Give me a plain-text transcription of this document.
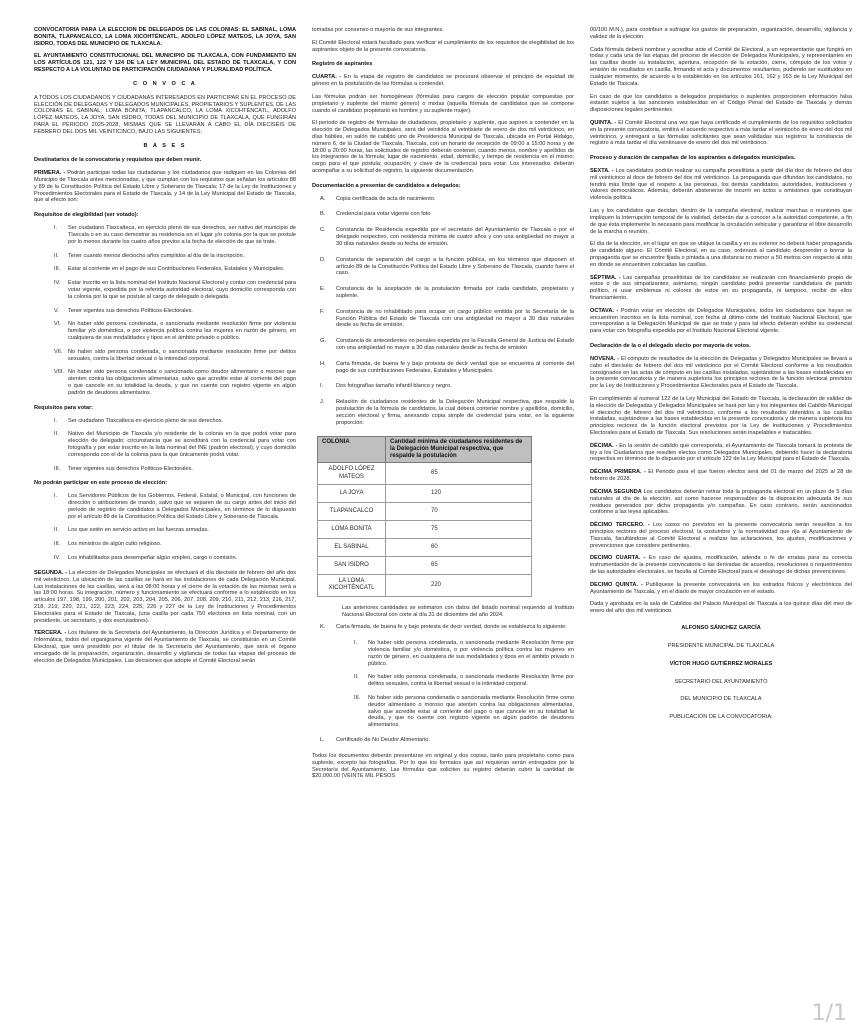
CONVOCATORIA PARA LA ELECCIÓN DE DELEGADOS DE LAS COLONIAS: EL SABINAL, LOMA BONITA, TLAPANCALCO, LA LOMA XICOHTÉNCATL, ADOLFO LÓPEZ MATEOS, LA JOYA, SAN ISIDRO, TODAS DEL MUNICIPIO DE TLAXCALA.

EL AYUNTAMIENTO CONSTITUCIONAL DEL MUNICIPIO DE TLAXCALA, CON FUNDAMENTO EN LOS ARTÍCULOS 121, 122 Y 124 DE LA LEY MUNICIPAL DEL ESTADO DE TLAXCALA, Y CON RESPECTO A LA VOLUNTAD DE PARTICIPACIÓN CIUDADANA Y PLURALIDAD POLÍTICA.

C O N V O C A

A TODOS LOS CIUDADANOS Y CIUDADANAS INTERESADOS EN PARTICIPAR EN EL PROCESO DE ELECCIÓN DE DELEGADAS Y DELEGADOS MUNICIPALES, PROPIETARIOS Y SUPLENTES, DE LAS COLONIAS EL SABINAL, LOMA BONITA, TLAPANCALCO, LA LOMA XICOHTÉNCATL, ADOLFO LÓPEZ MATEOS, LA JOYA, SAN ISIDRO, TODAS DEL MUNICIPIO DE TLAXCALA, QUE FUNGIRÁN PARA EL PERIODO 2025-2028, MISMAS QUE SE LLEVARÁN A CABO EL DÍA DIECISÉIS DE FEBRERO DEL DOS MIL VEINTICINCO, BAJO LAS SIGUIENTES:

B A S E S
Destinatarios de la convocatoria y requisitos que deben reunir.

PRIMERA. - Podrán participar todas las ciudadanas y los ciudadanos que radiquen en las Colonias del Municipio de Tlaxcala antes mencionadas, y que cumplan con los requisitos que señalan los artículos 88 y 89 de la Constitución Política del Estado Libre y Soberano de Tlaxcala; 17 de la Ley de Instituciones y Procedimientos Electorales para el Estado de Tlaxcala, y 14 de la Ley Municipal del Estado de Tlaxcala, que al efecto son:

Requisitos de elegibilidad (ser votado):
I.	Ser ciudadano Tlaxcalteca, en ejercicio pleno de sus derechos, ser nativo del municipio de Tlaxcala o en su caso demostrar su residencia en el lugar y/o colonia por la que se postule por lo menos durante los cuatro años previos a la fecha de elección de que se trate.
II.	Tener cuando menos dieciocho años cumplidos al día de la inscripción.
III.	Estar al corriente en el pago de sus Contribuciones Federales, Estatales y Municipales.
IV.	Estar inscrito en la lista nominal del Instituto Nacional Electoral y contar con credencial para votar vigente, expedida por la referida autoridad electoral, cuyo domicilio corresponda con la colonia por la que se postule al cargo de delegado o delegada.
V.	Tener vigentes sus derechos Políticos-Electorales.
VI.	No haber sido persona condenada, o sancionada mediante resolución firme por violencia familiar y/o doméstica, o por violencia política contra las mujeres en razón de género, en cualquiera de sus modalidades y tipos en el ámbito privado o público.
VII. No haber sido persona condenada, o sancionada mediante resolución firme por delitos sexuales, contra la libertad sexual o la intimidad corporal.
VIII. No haber sido persona condenada o sancionada como deudor alimentario o moroso que atenten contra las obligaciones alimentarias, salvo que acredite estar al corriente del pago o que cancele en su totalidad la deuda, y que no cuente con registro vigente en algún padrón de deudores alimentarios.
Requisitos para votar:
I.	Ser ciudadano Tlaxcalteca en ejercicio pleno de sus derechos.
II.	Nativo del Municipio de Tlaxcala y/o residente de la colonia en la que podrá votar para elección de delegado; circunstancia que se acreditará con la credencial para votar con fotografía y por estar inscrito en la lista nominal del INE (padrón electoral), y cuyo domicilio corresponda con el de la colonia para la que únicamente podrá votar.
III.	Tener vigentes sus derechos Políticos-Electorales.
No podrán participar en este proceso de elección:
I.	Los Servidores Públicos de los Gobiernos, Federal, Estatal, o Municipal, con funciones de dirección o atribuciones de mando, salvo que se separen de su cargo antes del inicio del periodo de registro de candidatos a Delegados Municipales, en términos de lo dispuesto por el artículo 89 de la Constitución Política del Estado Libre y Soberano de Tlaxcala.
II.	Los que estén en servicio activo en las fuerzas armadas.
III.	Los ministros de algún culto religioso.
IV.	Los inhabilitados para desempeñar algún empleo, cargo o comisión.

SEGUNDA. - La elección de Delegados Municipales se efectuará el día dieciséis de febrero del año dos mil veinticinco. La ubicación de las casillas se hará en las instalaciones de cada Delegación Municipal. Las instalaciones de las casillas, será a las 08:00 horas y el cierre de la votación de las mismas será a las 18:00 horas. Su integración, número y funcionamiento se efectuará conforme a lo establecido en los artículos 197, 198, 199, 200, 201, 202, 203, 204, 205, 206, 207, 208, 209, 210, 211, 212, 213, 216, 217, 218, 219, 220, 221, 222, 223, 224, 225, 226 y 227 de la Ley de Instituciones y Procedimientos Electorales para el Estado de Tlaxcala, (una casilla por cada 750 electores en lista nominal, con un presidente, un secretario, y dos escrutadores).

TERCERA. - Los titulares de la Secretaría del Ayuntamiento, la Dirección Jurídica y el Departamento de Informática, todos del organigrama vigente del Ayuntamiento de Tlaxcala, se constituirán en un Comité Electoral, que será presidido por el titular de la Secretaría del Ayuntamiento, que será el órgano encargado de la preparación, organización, desarrollo y vigilancia de todas las etapas del proceso de elección de Delegados Municipales. Las decisiones que adopte el Comité Electoral serán

tomadas por consenso o mayoría de sus integrantes.

El Comité Electoral estará facultado para verificar el cumplimiento de los requisitos de elegibilidad de los aspirantes objeto de la presente convocatoria.

Registro de aspirantes

CUARTA. - En la etapa de registro de candidatos se procurará observar el principio de equidad de género en la postulación de las fórmulas a contender.

Las fórmulas podrán ser homogéneas (fórmulas para cargos de elección popular compuestas por propietario y suplente del mismo género) o mixtas (aquella fórmula de candidatos que se compone cuando el candidato propietario es hombre y su suplente mujer).

El periodo de registro de fórmulas de ciudadanos, propietario y suplente, que aspiren a contender en la elección de Delegados Municipales, será del veintidós al veintisiete de enero de dos mil veinticinco, en días hábiles, en salón de cabildo uno de Presidencia Municipal de Tlaxcala, ubicada en Portal Hidalgo, número 6, de la Ciudad de Tlaxcala, Tlaxcala, con un horario de recepción de 09:00 a 15:00 horas y de 18:00 a 20:00 horas, las solicitudes de registro deberán contener, cuando menos, nombre y apellidos de los integrantes de la fórmula; lugar de nacimiento, edad, domicilio, y tiempo de residencia en el mismo; cargo para el que postula; ocupación; y clave de la credencial para votar. Los interesados deberán acompañar a su solicitud de registro, la siguiente documentación.

Documentación a presentar de candidatos a delegados:
A.	Copia certificada de acta de nacimiento.
B.	Credencial para votar vigente con foto
C.	Constancia de Residencia expedida por el secretario del Ayuntamiento de Tlaxcala o por el delegado respectivo, con residencia mínima de cuatro años y con una antigüedad no mayor a 30 días naturales desde su fecha de emisión.
D.	Constancia de separación del cargo a la función pública, en los términos que disponen el artículo 89 de la Constitución Política del Estado Libre y Soberano de Tlaxcala, cuando fuere el caso.
E.	Constancia de la aceptación de la postulación firmada por cada candidato, propietario y suplente.
F.	Constancia de no inhabilitado para ocupar un cargo público emitida por la Secretaría de la Función Pública del Estado de Tlaxcala con una antigüedad no mayor a 30 días naturales desde su fecha de emisión.
G.	Constancia de antecedentes no penales expedida por la Fiscalía General de Justicia del Estado con una antigüedad no mayor a 30 días naturales desde su fecha de emisión
H.	Carta firmada, de buena fe y bajo protesta de decir verdad que se encuentra al corriente del pago de sus contribuciones Federales, Estatales y Municipales.
I.	Dos fotografías tamaño infantil blanco y negro.
J.	Relación de ciudadanos residentes de la Delegación Municipal respectiva, que respalde la postulación de la fórmula de candidatos, la cual deberá contener nombre y apellidos, domicilio, sección electoral y firma, anexando copia simple de credencial para votar, en la siguiente proporción:
COLONIA	Cantidad mínima de ciudadanos residentes de la Delegación Municipal respectiva, que respalde la postulación
ADOLFO LÓPEZ MATEOS	65
LA JOYA	120
TLAPANCALCO	70
LOMA BONITA	75
EL SABINAL	60
SAN ISIDRO	65
LA LOMA XICOHTÉNCATL	220

Las anteriores cantidades se estimaron con datos del listado nominal requerido al Instituto Nacional Electoral con corte al día 31 de diciembre del año 2024.

K.	Carta firmada, de buena fe y bajo protesta de decir verdad, donde se establezca lo siguiente:
I.	No haber sido persona condenada, o sancionada mediante Resolución firme por violencia familiar y/o doméstica, o por violencia política contra las mujeres en razón de género, en cualquiera de sus modalidades y tipos en el ámbito privado o público.
II.	No haber sido persona condenada, o sancionada mediante Resolución firme por delitos sexuales, contra la libertad sexual o la intimidad corporal.
III.	No haber sido persona condenada o sancionada mediante Resolución firme como deudor alimentario o moroso que atenten contra las obligaciones alimentarias, salvo que acredite estar al corriente del pago o que cancele en su totalidad la deuda, y que no cuente con registro vigente en algún padrón de deudores alimentarios.
L.	Certificado de No Deudor Alimentario.

Todos los documentos deberán presentarse en original y dos copias, tanto para propietario como para suplente, excepto las fotografías. Por lo que los formatos que así requieran serán entregados por la Secretaría del Ayuntamiento. Las fórmulas que soliciten su registro deberán cubrir la cantidad de $20,000.00 (VEINTE MIL PESOS

00/100 M.N.), para contribuir a sufragar los gastos de preparación, organización, desarrollo, vigilancia y validez de la elección.

Cada fórmula deberá nombrar y acreditar ante el Comité de Electoral, a un representante que fungirá en todas y cada una de las etapas del proceso de elección de Delegados Municipales, y representantes en las casillas desde su instalación, apertura, recepción de la votación, cierre, cómputo de los votos y emisión de resultados en casilla, firmando el acta y documentos resultantes, pudiendo ser sustituidos en cualquier momento, de acuerdo a lo establecido en los artículos 161, 162 y 163 de la Ley Municipal del Estado de Tlaxcala.

En caso de que los candidatos a delegados propietarios o suplentes proporcionen información falsa estarán sujetos a las sanciones establecidas en el Código Penal del Estado de Tlaxcala y demás disposiciones legales pertinentes.

QUINTA. - El Comité Electoral una vez que haya certificado el cumplimiento de los requisitos solicitados en la presente convocatoria, emitirá el acuerdo respectivo a más tardar el veintiocho de enero del dos mil veinticinco, y entregará a las fórmulas solicitantes que sean validadas sus registros la constancia de registro a más tardar el día veintinueve de enero del dos mil veinticinco.

Proceso y duración de campañas de los aspirantes a delegados municipales.

SEXTA. - Los candidatos podrán realizar su campaña proselitista a partir del día dos de febrero del dos mil veinticinco al doce de febrero del dos mil veinticinco. La propaganda que difundan los candidatos, no tendrá más límite que el respeto a las personas, los demás candidatos, autoridades, instituciones y valores democráticos. Además, deberán abstenerse de incurrir en actos u omisiones que constituyan violencia política.

Las y los candidatos que decidan, dentro de la campaña electoral, realizar marchas o reuniones que impliquen la interrupción temporal de la vialidad, deberán dar a conocer a la autoridad competente, a fin de que ésta implemente lo necesario para modificar la circulación vehicular y garantizar el libre desarrollo de la marcha o reunión.

El día de la elección, en el lugar en que se ubique la casilla y en su exterior no deberá haber propaganda de candidato alguno. El Comité Electoral, en su caso, ordenará al candidato desprender o borrar la propaganda que se encuentre fijada o pintada a una distancia no menor a 50 metros con respecto al sitio en donde se encuentren colocadas las casillas.

SÉPTIMA. - Las campañas proselitistas de los candidatos se realizarán con financiamiento propio de estos o de sus simpatizantes; asimismo, ningún candidato podrá presentar candidatura de partido político, ni usar emblemas ni colores de estos en su propaganda, ni tampoco, recibir de ellos financiamiento.

OCTAVA. - Podrán votar en elección de Delegados Municipales, todos los ciudadanos que hayan se encuentren inscritos en la lista nominal, con fecha al último corte del Instituto Nacional Electoral, que correspondan a la Delegación Municipal de que se trate y para tal efecto deberán exhibir su credencial para votar con fotografía expedida por el Instituto Nacional Electoral vigente.

Declaración de la o el delegado electo por mayoría de votos.

NOVENA. - El cómputo de resultados de la elección de Delegadas y Delegados Municipales se llevará a cabo el dieciséis de febrero del dos mil veinticinco por el Comité Electoral conforme a los resultados consignados en las actas de cómputo en las casillas instaladas, sujetándose a las bases establecidas en la presente convocatoria y de manera supletoria los principios rectores de la función electoral previstos por la Ley de Instituciones y Procedimientos Electorales para el Estado de Tlaxcala.

En cumplimiento al numeral 122 de la Ley Municipal del Estado de Tlaxcala, la declaración de validez de la elección de Delegadas y Delegados Municipales se hará por las y los integrantes del Cabildo Municipal el dieciocho de febrero del dos mil veinticinco, conforme a los resultados obtenidos a las casillas instaladas, sujetándose a las bases establecidas en la presente convocatoria y de manera supletoria los principios rectores de la función electoral previstos por la Ley de Instituciones y Procedimientos Electorales para el Estado de Tlaxcala. Sus resoluciones serán inapelables e inatacables.

DÉCIMA. - En la sesión de cabildo que corresponda, el Ayuntamiento de Tlaxcala tomará la protesta de ley a los Ciudadanos que resulten electos como Delegados Municipales, debiendo hacer la declaratoria respectiva en términos de lo dispuesto por el artículo 122 de la Ley Municipal para el Estado de Tlaxcala.

DÉCIMA PRIMERA. - El Periodo para el que fueron electos será del 01 de marzo del 2025 al 28 de febrero de 2028.

DÉCIMA SEGUNDA Los candidatos deberán retirar toda la propaganda electoral en un plazo de 5 días naturales al día de la elección, así como hacerse responsables de la disposición adecuada de sus residuos generados por dicha propaganda y/o campañas. En caso contrario, serán sancionados conforme a las leyes aplicables.

DÉCIMO TERCERO. - Los casos no previstos en la presente convocatoria serán resueltos a los principios rectores del proceso electoral, la costumbre y la normatividad que rija al Ayuntamiento de Tlaxcala, facultándose al Comité Electoral a realizar las aclaraciones, los ajustes, modificaciones y prevenciones que considere pertinentes.

DECIMO CUARTA. - En caso de ajustes, modificación, adenda o fe de erratas para su correcta instrumentación de la presente convocatoria o las derivadas de acuerdos, resoluciones o requerimientos de las autoridades electorales, se faculta al Comité Electoral para el desahogo de dichas prevenciones.

DECIMO QUINTA. - Publíquese la presente convocatoria en los estrados físicos y electrónicos del Ayuntamiento de Tlaxcala, y en el diario de mayor circulación en el estado.

Dada y aprobada en la sala de Cabildos del Palacio Municipal de Tlaxcala a los quince días del mes de enero del año dos mil veinticinco.

ALFONSO SÁNCHEZ GARCÍA
PRESIDENTE MUNICIPAL DE TLAXCALA
VÍCTOR HUGO GUTIÉRREZ MORALES
SECRETARIO DEL AYUNTAMIENTO
DEL MUNICIPIO DE TLAXCALA
PUBLICACIÓN DE LA CONVOCATORIA:
1/1
